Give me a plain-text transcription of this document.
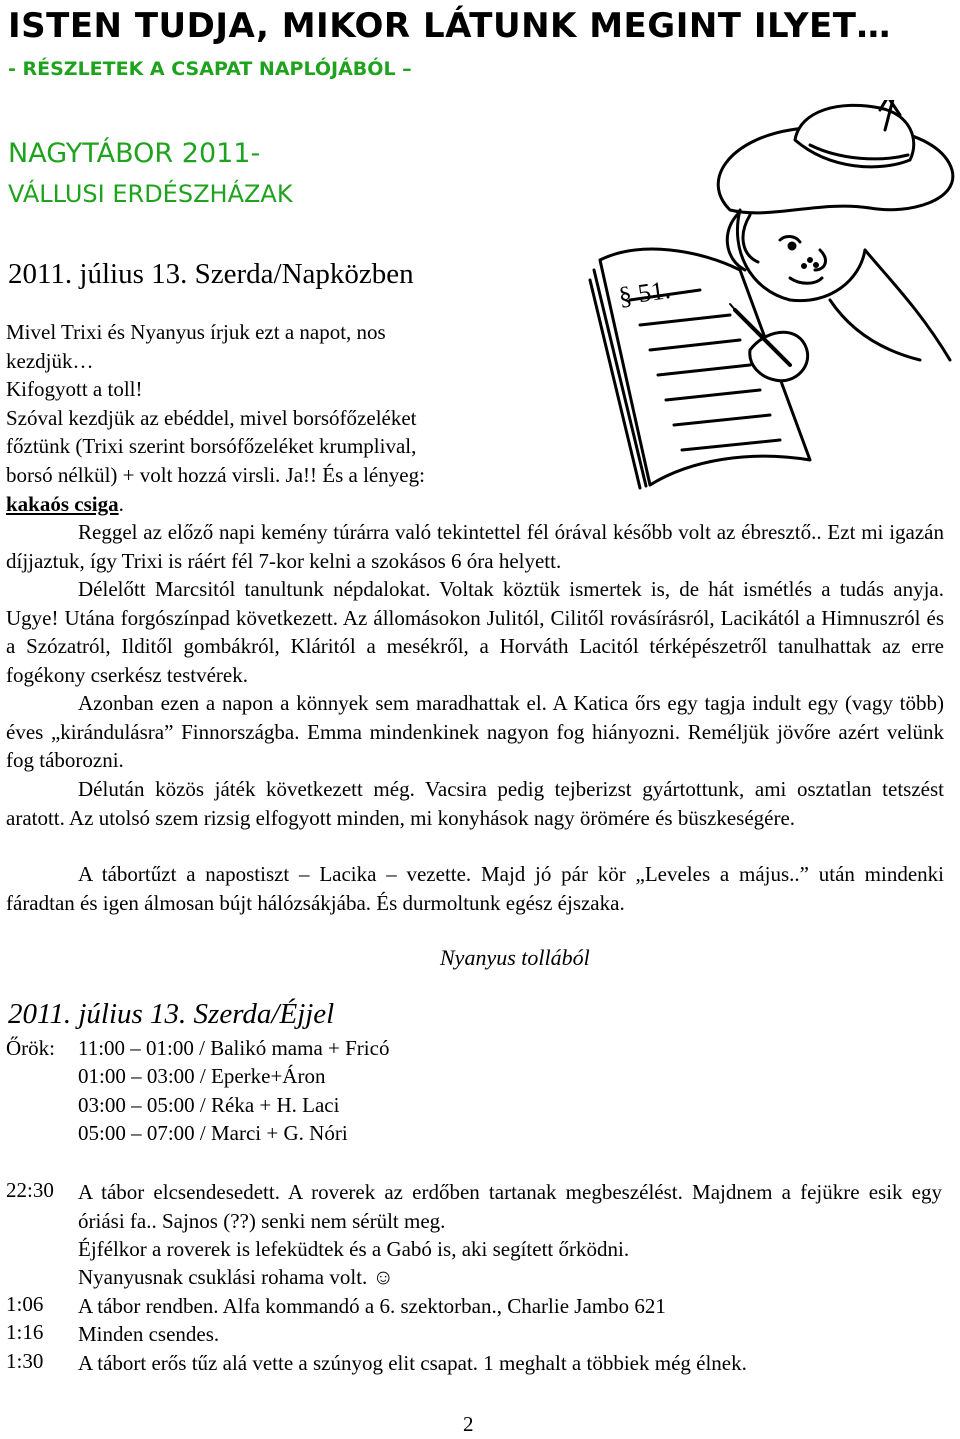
ISTEN TUDJA, MIKOR LÁTUNK MEGINT ILYET…
- RÉSZLETEK A CSAPAT NAPLÓJÁBÓL –
NAGYTÁBOR 2011-
VÁLLUSI ERDÉSZHÁZAK
§ 51.
2011. július 13. Szerda/Napközben
Mivel Trixi és Nyanyus írjuk ezt a napot, nos
kezdjük…
Kifogyott a toll!
Szóval kezdjük az ebéddel, mivel borsófőzeléket
főztünk (Trixi szerint borsófőzeléket krumplival,
borsó nélkül) + volt hozzá virsli. Ja!! És a lényeg:
kakaós csiga.
Reggel az előző napi kemény túrárra való tekintettel fél órával később volt az ébresztő.. Ezt mi igazán díjjaztuk, így Trixi is ráért fél 7-kor kelni a szokásos 6 óra helyett.
Délelőtt Marcsitól tanultunk népdalokat. Voltak köztük ismertek is, de hát ismétlés a tudás anyja. Ugye! Utána forgószínpad következett. Az állomásokon Julitól, Cilitől rovásírásról, Lacikától a Himnuszról és a Szózatról, Ilditől gombákról, Kláritól a mesékről, a Horváth Lacitól térképészetről tanulhattak az erre fogékony cserkész testvérek.
Azonban ezen a napon a könnyek sem maradhattak el. A Katica őrs egy tagja indult egy (vagy több) éves „kirándulásra” Finnországba. Emma mindenkinek nagyon fog hiányozni. Reméljük jövőre azért velünk fog táborozni.
Délután közös játék következett még. Vacsira pedig tejberizst gyártottunk, ami osztatlan tetszést aratott. Az utolsó szem rizsig elfogyott minden, mi konyhások nagy örömére és büszkeségére.
A tábortűzt a napostiszt – Lacika – vezette. Majd jó pár kör „Leveles a május..” után mindenki fáradtan és igen álmosan bújt hálózsákjába. És durmoltunk egész éjszaka.
Nyanyus tollából
2011. július 13. Szerda/Éjjel
Őrök: 11:00 – 01:00 / Balikó mama + Fricó
01:00 – 03:00 / Eperke+Áron
03:00 – 05:00 / Réka + H. Laci
05:00 – 07:00 / Marci + G. Nóri
22:30 A tábor elcsendesedett. A roverek az erdőben tartanak megbeszélést. Majdnem a fejükre esik egy óriási fa.. Sajnos (??) senki nem sérült meg.
Éjfélkor a roverek is lefeküdtek és a Gabó is, aki segített őrködni.
Nyanyusnak csuklási rohama volt. ☺
1:06 A tábor rendben. Alfa kommandó a 6. szektorban., Charlie Jambo 621
1:16 Minden csendes.
1:30 A tábort erős tűz alá vette a szúnyog elit csapat. 1 meghalt a többiek még élnek.
2
